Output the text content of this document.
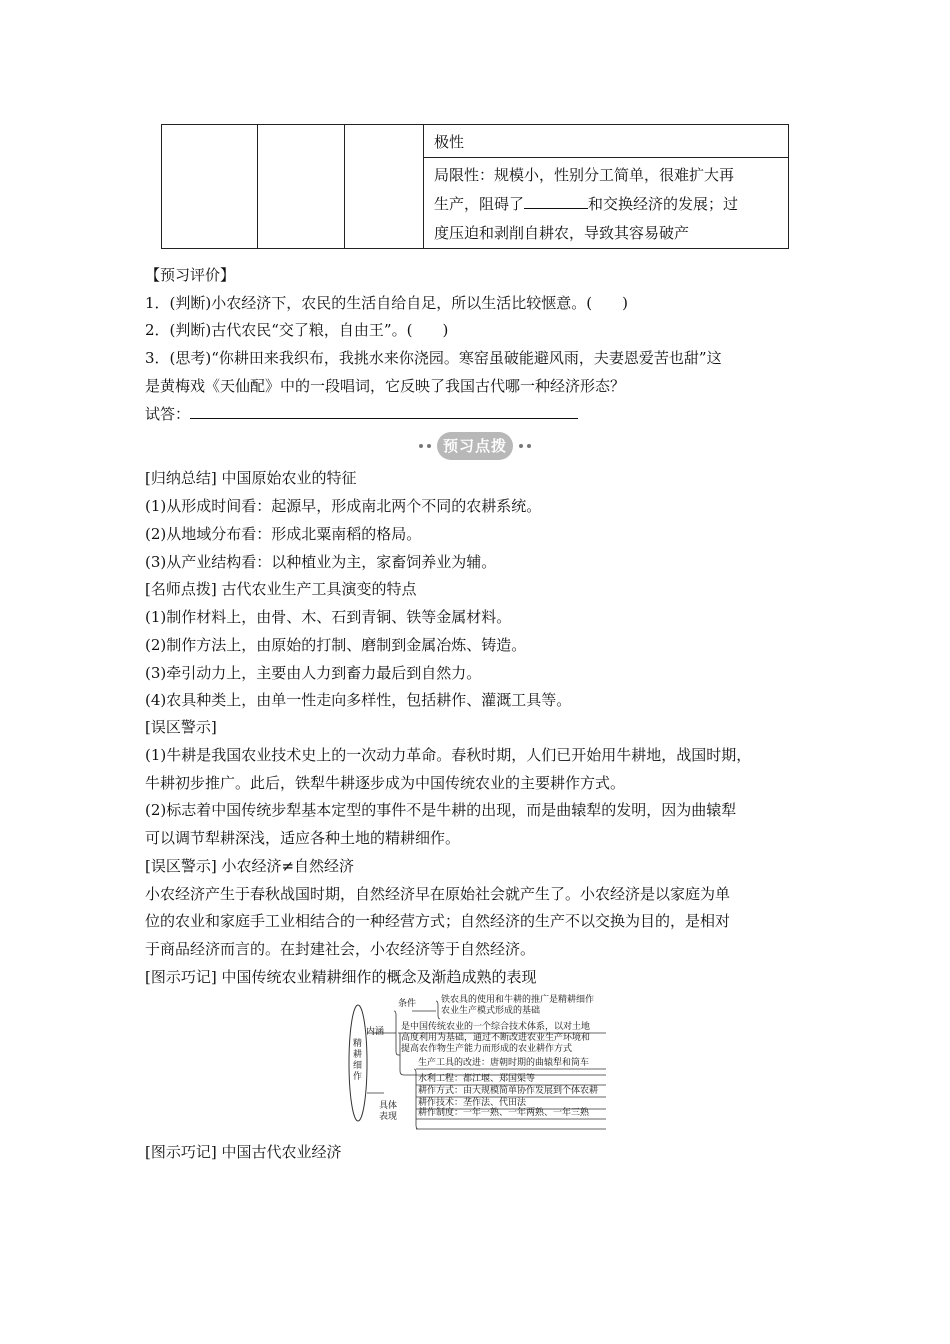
			极性

局限性：规模小，性别分工简单，很难扩大再
生产，阻碍了	和交换经济的发展；过
度压迫和剥削自耕农，导致其容易破产
【预习评价】
1．(判断)小农经济下，农民的生活自给自足，所以生活比较惬意。(　　)
2．(判断)古代农民“交了粮，自由王”。(　　)
3．(思考)“你耕田来我织布，我挑水来你浇园。寒窑虽破能避风雨，夫妻恩爱苦也甜”这
是黄梅戏《天仙配》中的一段唱词，它反映了我国古代哪一种经济形态？
试答：
预习点拨
[归纳总结] 中国原始农业的特征
(1)从形成时间看：起源早，形成南北两个不同的农耕系统。
(2)从地域分布看：形成北粟南稻的格局。
(3)从产业结构看：以种植业为主，家畜饲养业为辅。
[名师点拨] 古代农业生产工具演变的特点
(1)制作材料上，由骨、木、石到青铜、铁等金属材料。
(2)制作方法上，由原始的打制、磨制到金属冶炼、铸造。
(3)牵引动力上，主要由人力到畜力最后到自然力。
(4)农具种类上，由单一性走向多样性，包括耕作、灌溉工具等。
[误区警示]
(1)牛耕是我国农业技术史上的一次动力革命。春秋时期，人们已开始用牛耕地，战国时期，
牛耕初步推广。此后，铁犁牛耕逐步成为中国传统农业的主要耕作方式。
(2)标志着中国传统步犁基本定型的事件不是牛耕的出现，而是曲辕犁的发明，因为曲辕犁
可以调节犁耕深浅，适应各种土地的精耕细作。
[误区警示] 小农经济≠自然经济
小农经济产生于春秋战国时期，自然经济早在原始社会就产生了。小农经济是以家庭为单
位的农业和家庭手工业相结合的一种经营方式；自然经济的生产不以交换为目的，是相对
于商品经济而言的。在封建社会，小农经济等于自然经济。
[图示巧记] 中国传统农业精耕细作的概念及渐趋成熟的表现
精耕细作
条件
内涵
具体表现
铁农具的使用和牛耕的推广是精耕细作
农业生产模式形成的基础
是中国传统农业的一个综合技术体系，以对土地
高度利用为基础，通过不断改进农业生产环境和
提高农作物生产能力而形成的农业耕作方式
生产工具的改进：唐朝时期的曲辕犁和筒车
水利工程：都江堰、郑国渠等
耕作方式：由大规模简单协作发展到个体农耕
耕作技术：垄作法、代田法
耕作制度：一年一熟、一年两熟、一年三熟
[图示巧记] 中国古代农业经济
